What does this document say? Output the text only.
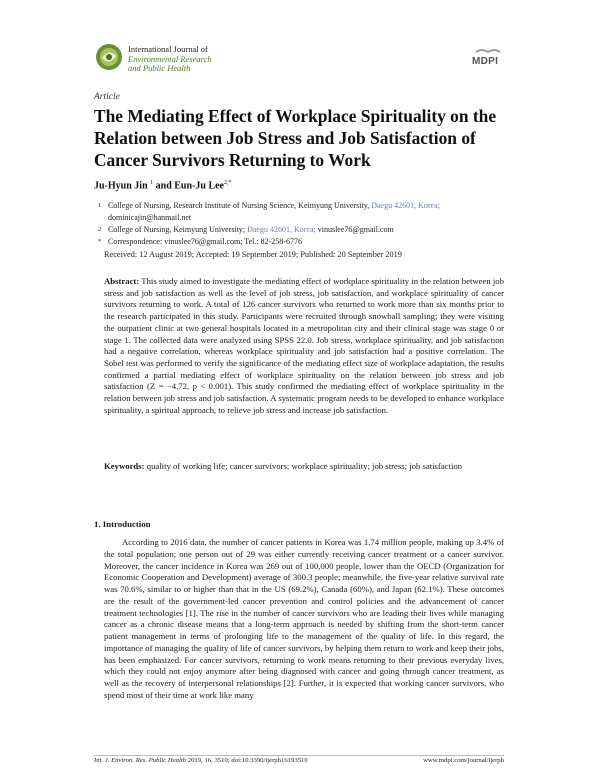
International Journal of
Environmental Research
and Public Health
MDPI
Article
The Mediating Effect of Workplace Spirituality on the Relation between Job Stress and Job Satisfaction of Cancer Survivors Returning to Work
Ju-Hyun Jin $^1$ and Eun-Ju Lee$^{2,*}$
1 College of Nursing, Research Institute of Nursing Science, Keimyung University, Daegu 42601, Korea; dominicajin@hanmail.net
2 College of Nursing, Keimyung University; Daegu 42601, Korea; vinuslee76@gmail.com
* Correspondence: vinuslee76@gmail.com; Tel.: 82-258-6776
Received: 12 August 2019; Accepted: 19 September 2019; Published: 20 September 2019
Abstract: This study aimed to investigate the mediating effect of workplace spirituality in the relation between job stress and job satisfaction as well as the level of job stress, job satisfaction, and workplace spirituality of cancer survivors returning to work. A total of 126 cancer survivors who returned to work more than six months prior to the research participated in this study. Participants were recruited through snowball sampling; they were visiting the outpatient clinic at two general hospitals located in a metropolitan city and their clinical stage was stage 0 or stage 1. The collected data were analyzed using SPSS 22.0. Job stress, workplace spirituality, and job satisfaction had a negative correlation, whereas workplace spirituality and job satisfaction had a positive correlation. The Sobel test was performed to verify the significance of the mediating effect size of workplace adaptation, the results confirmed a partial mediating effect of workplace spirituality on the relation between job stress and job satisfaction (Z = −4.72, p < 0.001). This study confirmed the mediating effect of workplace spirituality in the relation between job stress and job satisfaction. A systematic program needs to be developed to enhance workplace spirituality, a spiritual approach, to relieve job stress and increase job satisfaction.
Keywords: quality of working life; cancer survivors; workplace spirituality; job stress; job satisfaction
1. Introduction

According to 2016 data, the number of cancer patients in Korea was 1.74 million people, making up 3.4% of the total population; one person out of 29 was either currently receiving cancer treatment or a cancer survivor. Moreover, the cancer incidence in Korea was 269 out of 100,000 people, lower than the OECD (Organization for Economic Cooperation and Development) average of 300.3 people; meanwhile, the five-year relative survival rate was 70.6%, similar to or higher than that in the US (69.2%), Canada (60%), and Japan (62.1%). These outcomes are the result of the government-led cancer prevention and control policies and the advancement of cancer treatment technologies [1]. The rise in the number of cancer survivors who are leading their lives while managing cancer as a chronic disease means that a long-term approach is needed by shifting from the short-term cancer patient management in terms of prolonging life to the management of the quality of life. In this regard, the importance of managing the quality of life of cancer survivors, by helping them return to work and keep their jobs, has been emphasized. For cancer survivors, returning to work means returning to their previous everyday lives, which they could not enjoy anymore after being diagnosed with cancer and going through cancer treatment, as well as the recovery of interpersonal relationships [2]. Further, it is expected that working cancer survivors, who spend most of their time at work like many

Int. J. Environ. Res. Public Health 2019, 16, 3510; doi:10.3390/ijerph16193510	www.mdpi.com/journal/ijerph
